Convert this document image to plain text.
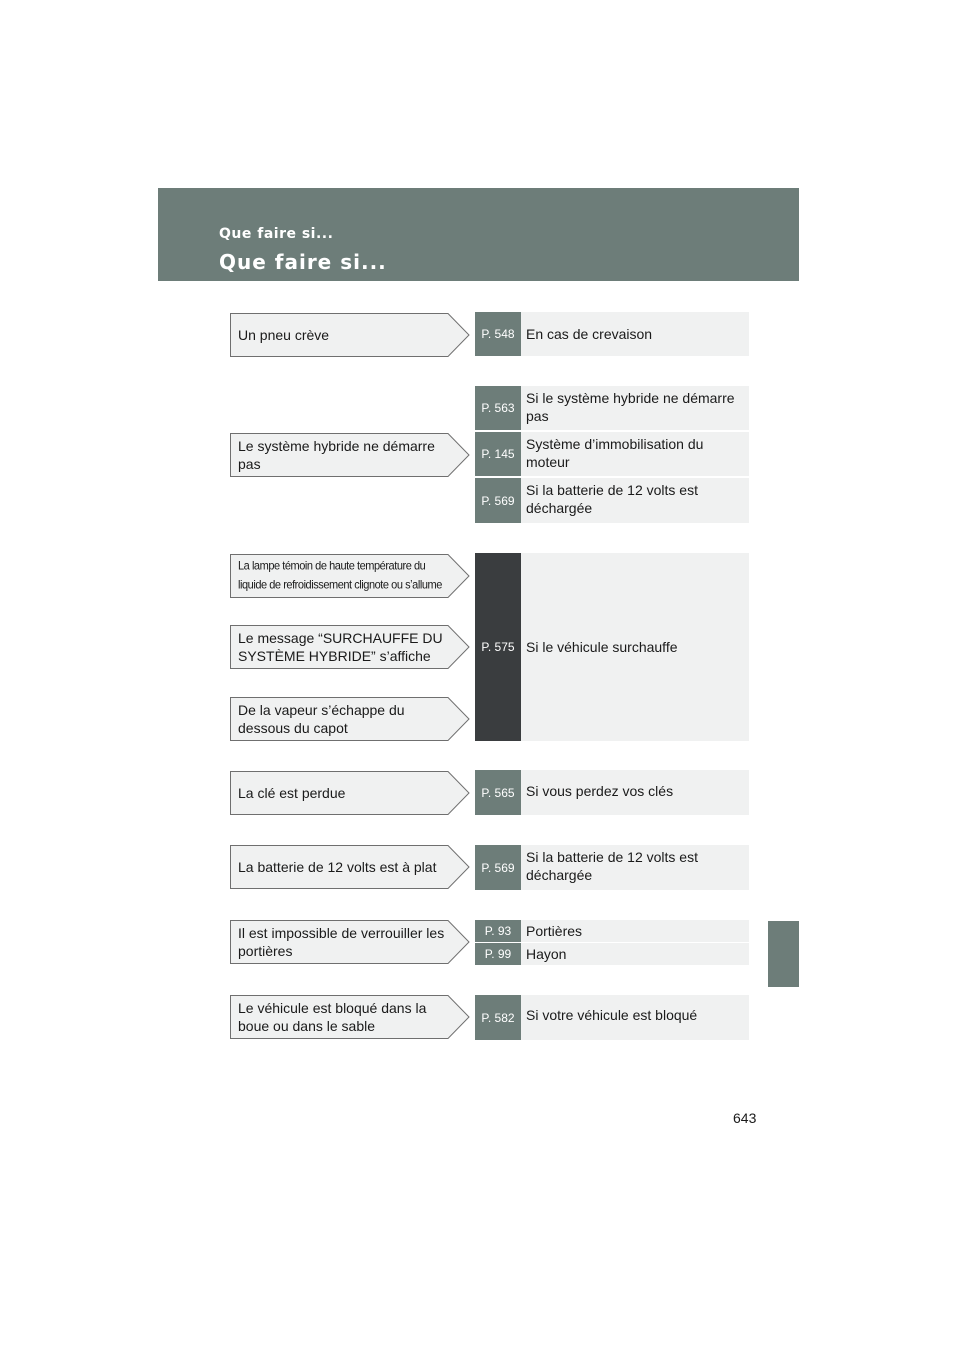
Que faire si...
Que faire si...
Un pneu crève
Le système hybride ne démarre pas
La lampe témoin de haute température du liquide de refroidissement clignote ou s’allume
Le message “SURCHAUFFE DU SYSTÈME HYBRIDE” s’affiche
De la vapeur s’échappe du dessous du capot
La clé est perdue
La batterie de 12 volts est à plat
Il est impossible de verrouiller les portières
Le véhicule est bloqué dans la boue ou dans le sable
P. 548 En cas de crevaison
P. 563
Si le système hybride ne démarre pas
P. 145
Système d’immobilisation du moteur
P. 569
Si la batterie de 12 volts est déchargée
P. 575 Si le véhicule surchauffe
P. 565 Si vous perdez vos clés
P. 569
Si la batterie de 12 volts est déchargée
P. 93	Portières
P. 99	Hayon
P. 582 Si votre véhicule est bloqué
643
